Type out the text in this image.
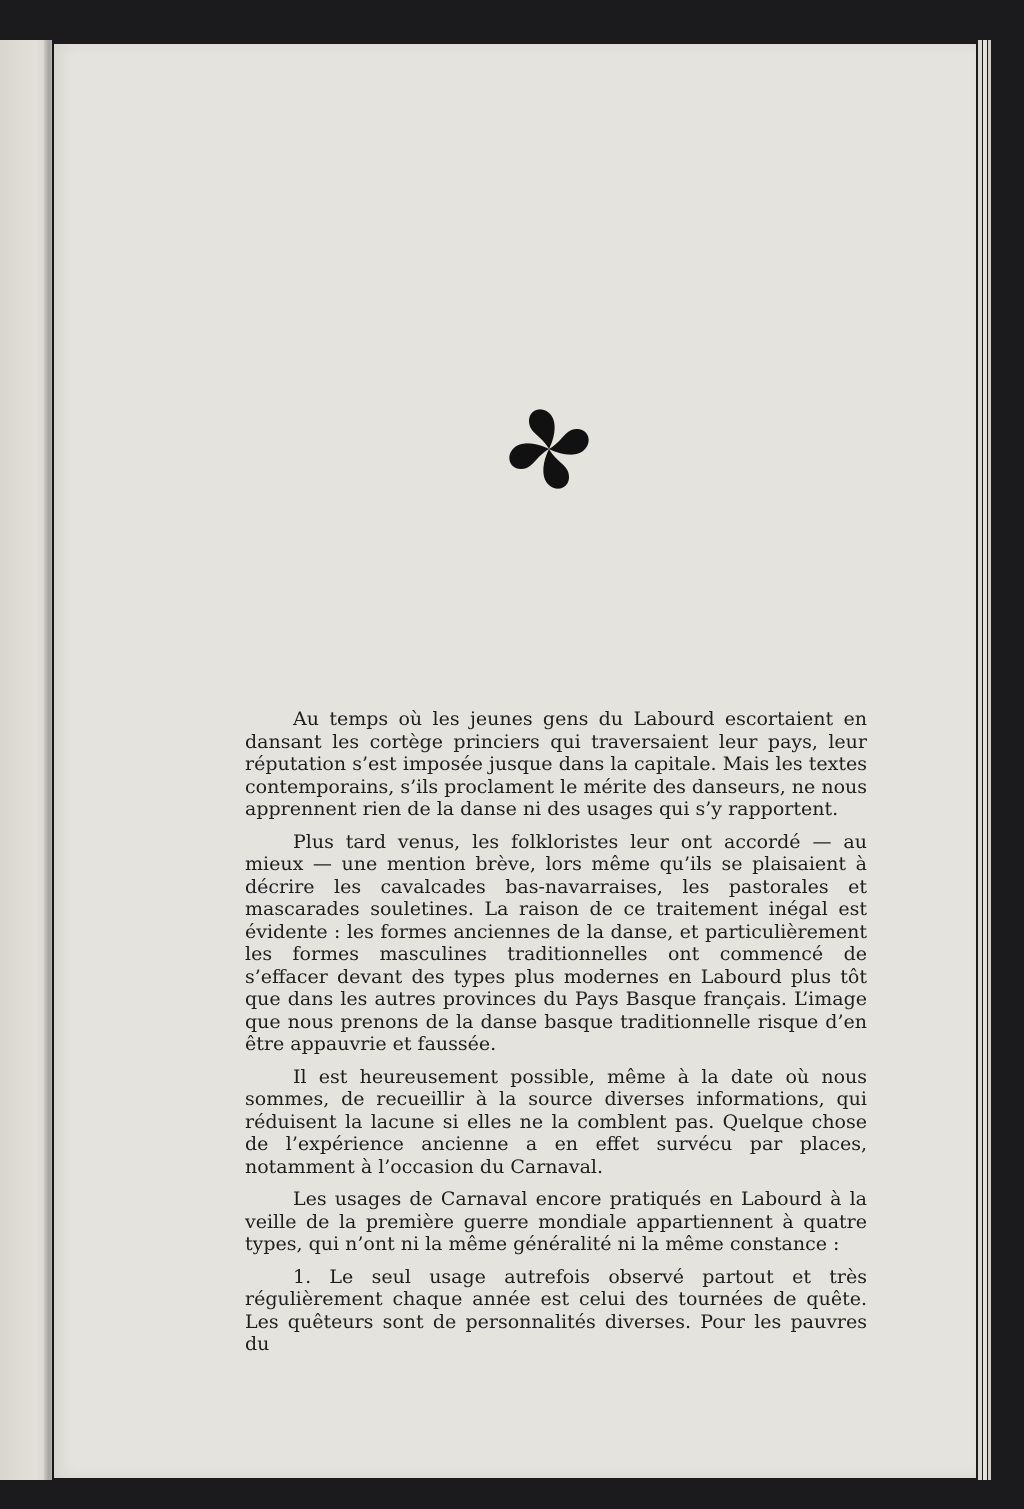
Au temps où les jeunes gens du Labourd escortaient en dansant les cortège princiers qui traversaient leur pays, leur réputation s’est imposée jusque dans la capitale. Mais les textes contemporains, s’ils proclament le mérite des danseurs, ne nous apprennent rien de la danse ni des usages qui s’y rapportent.

Plus tard venus, les folkloristes leur ont accordé — au mieux — une mention brève, lors même qu’ils se plaisaient à décrire les cavalcades bas-navarraises, les pastorales et mascarades souletines. La raison de ce traitement inégal est évidente : les formes anciennes de la danse, et particulièrement les formes masculines traditionnelles ont commencé de s’effacer devant des types plus modernes en Labourd plus tôt que dans les autres provinces du Pays Basque français. L’image que nous prenons de la danse basque traditionnelle risque d’en être appauvrie et faussée.

Il est heureusement possible, même à la date où nous sommes, de recueillir à la source diverses informations, qui réduisent la lacune si elles ne la comblent pas. Quelque chose de l’expérience ancienne a en effet survécu par places, notamment à l’occasion du Carnaval.

Les usages de Carnaval encore pratiqués en Labourd à la veille de la première guerre mondiale appartiennent à quatre types, qui n’ont ni la même généralité ni la même constance :

1. Le seul usage autrefois observé partout et très régulièrement chaque année est celui des tournées de quête. Les quêteurs sont de personnalités diverses. Pour les pauvres du
